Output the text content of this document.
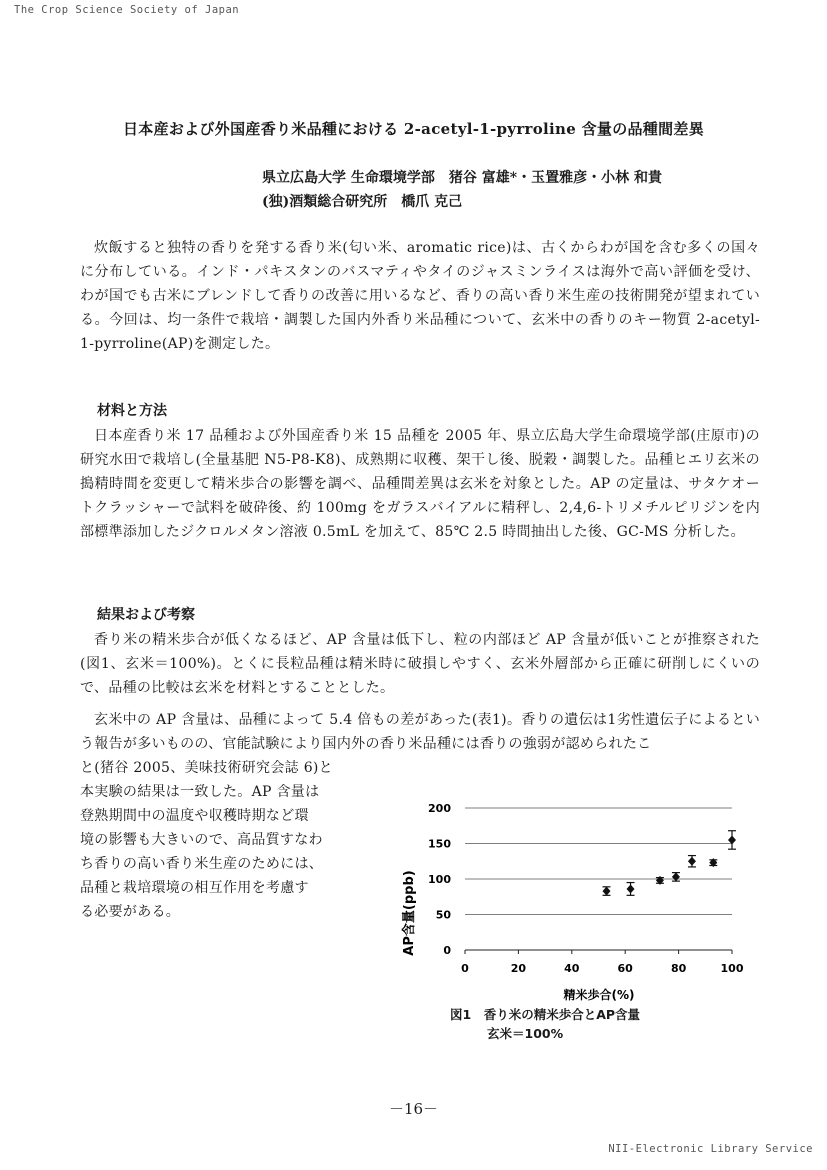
The Crop Science Society of Japan
日本産および外国産香り米品種における 2-acetyl-1-pyrroline 含量の品種間差異
県立広島大学 生命環境学部　猪谷 富雄*・玉置雅彦・小林 和貴
(独)酒類総合研究所　橋爪 克己

炊飯すると独特の香りを発する香り米(匂い米、aromatic rice)は、古くからわが国を含む多くの国々に分布している。インド・パキスタンのバスマティやタイのジャスミンライスは海外で高い評価を受け、わが国でも古米にブレンドして香りの改善に用いるなど、香りの高い香り米生産の技術開発が望まれている。今回は、均一条件で栽培・調製した国内外香り米品種について、玄米中の香りのキー物質 2-acetyl-1-pyrroline(AP)を測定した。

材料と方法

日本産香り米 17 品種および外国産香り米 15 品種を 2005 年、県立広島大学生命環境学部(庄原市)の研究水田で栽培し(全量基肥 N5-P8-K8)、成熟期に収穫、架干し後、脱穀・調製した。品種ヒエリ玄米の搗精時間を変更して精米歩合の影響を調べ、品種間差異は玄米を対象とした。AP の定量は、サタケオートクラッシャーで試料を破砕後、約 100mg をガラスバイアルに精秤し、2,4,6-トリメチルピリジンを内部標準添加したジクロルメタン溶液 0.5mL を加えて、85℃ 2.5 時間抽出した後、GC-MS 分析した。

結果および考察

香り米の精米歩合が低くなるほど、AP 含量は低下し、粒の内部ほど AP 含量が低いことが推察された(図1、玄米＝100%)。とくに長粒品種は精米時に破損しやすく、玄米外層部から正確に研削しにくいので、品種の比較は玄米を材料とすることとした。

玄米中の AP 含量は、品種によって 5.4 倍もの差があった(表1)。香りの遺伝は1劣性遺伝子によるという報告が多いものの、官能試験により国内外の香り米品種には香りの強弱が認められたこ

と(猪谷 2005、美味技術研究会誌 6)と
本実験の結果は一致した。AP 含量は
登熟期間中の温度や収穫時期など環
境の影響も大きいので、高品質すなわ
ち香りの高い香り米生産のためには、
品種と栽培環境の相互作用を考慮す
る必要がある。
0
50
100
150
200
0	20	40	60	80	100
AP含量(ppb)
精米歩合(%)
図1　香り米の精米歩合とAP含量
玄米＝100%
－16－
NII-Electronic Library Service
